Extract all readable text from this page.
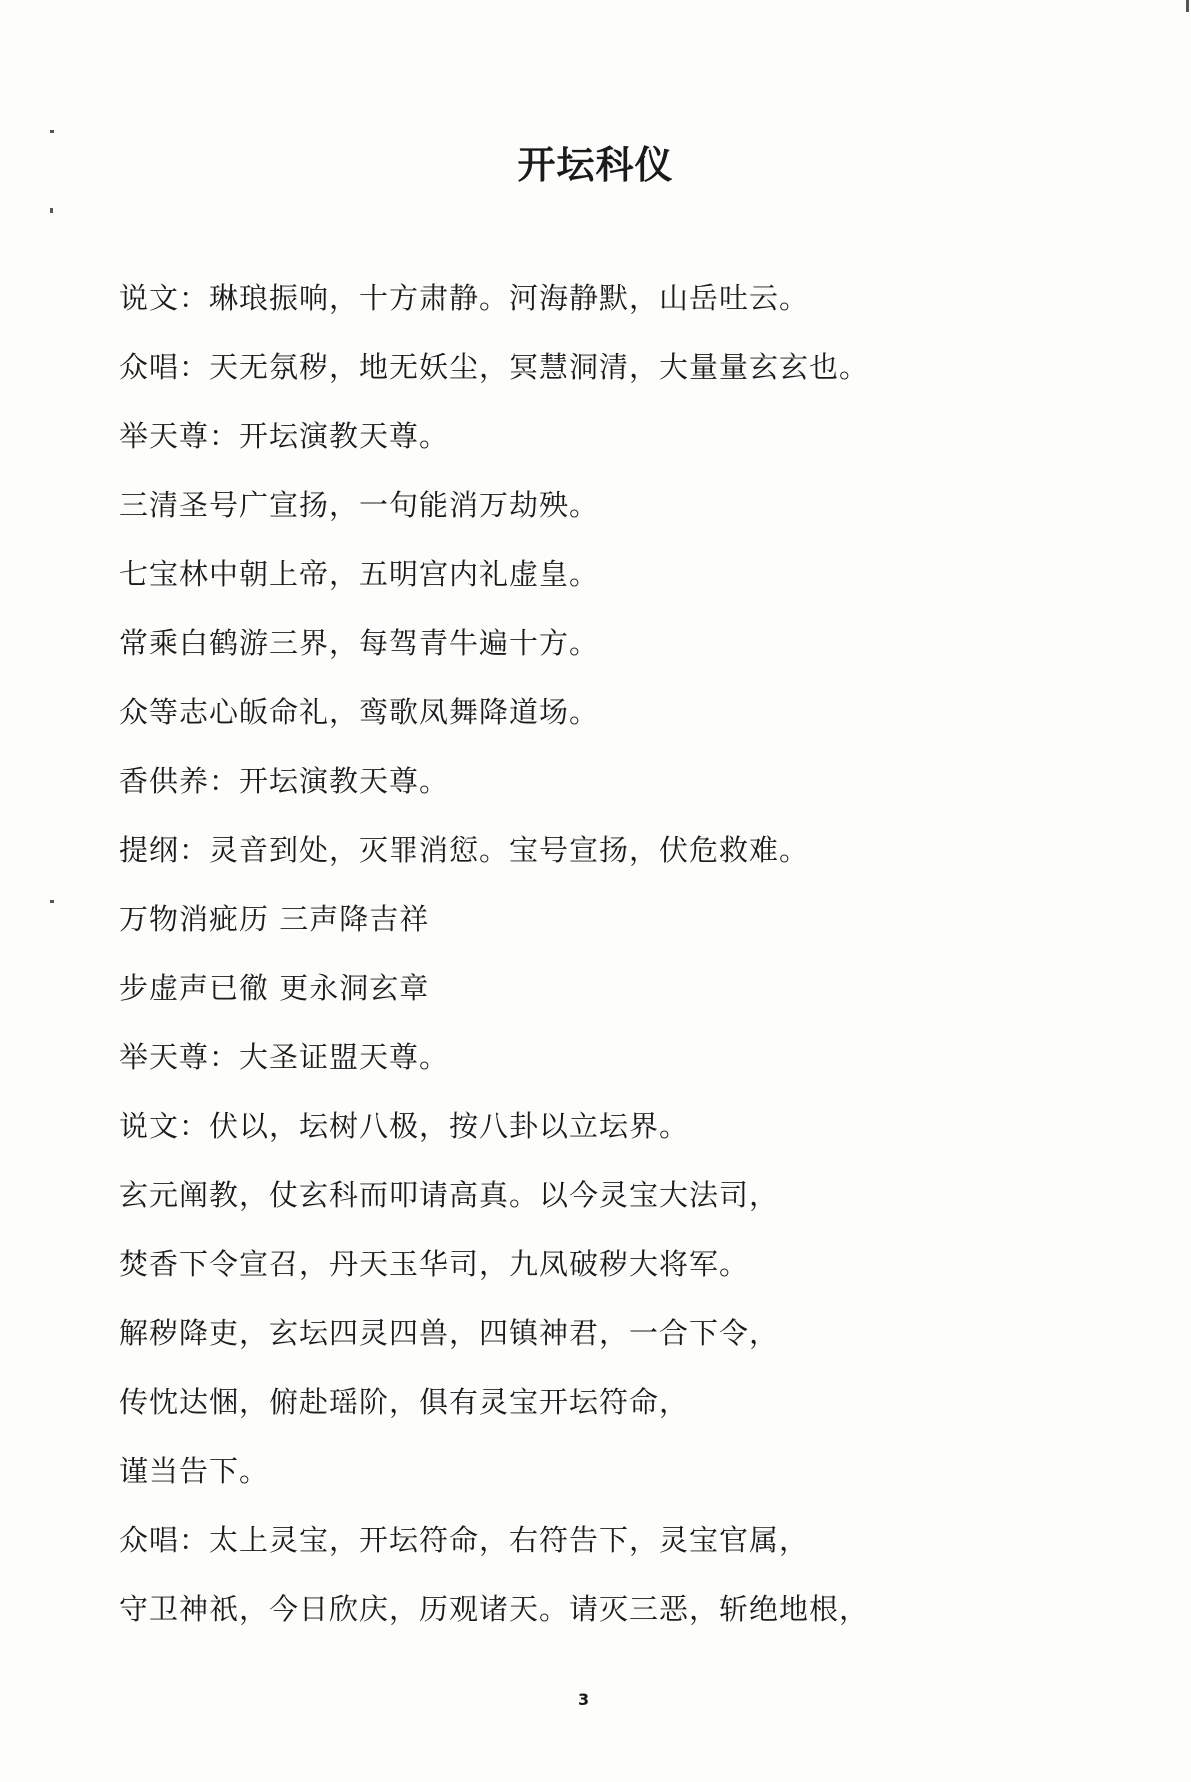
开坛科仪
说文：琳琅振响，十方肃静。河海静默，山岳吐云。
众唱：天无氛秽，地无妖尘，冥慧洞清，大量量玄玄也。
举天尊：开坛演教天尊。
三清圣号广宣扬，一句能消万劫殃。
七宝林中朝上帝，五明宫内礼虚皇。
常乘白鹤游三界，每驾青牛遍十方。
众等志心皈命礼，鸾歌凤舞降道场。
香供养：开坛演教天尊。
提纲：灵音到处，灭罪消愆。宝号宣扬，伏危救难。
万物消疵历 三声降吉祥
步虚声已徹 更永洞玄章
举天尊：大圣证盟天尊。
说文：伏以，坛树八极，按八卦以立坛界。
玄元阐教，仗玄科而叩请高真。以今灵宝大法司，
焚香下令宣召，丹天玉华司，九凤破秽大将军。
解秽降吏，玄坛四灵四兽，四镇神君，一合下令，
传忱达悃，俯赴瑶阶，俱有灵宝开坛符命，
谨当告下。
众唱：太上灵宝，开坛符命，右符告下，灵宝官属，
守卫神祇，今日欣庆，历观诸天。请灭三恶，斩绝地根，
3
